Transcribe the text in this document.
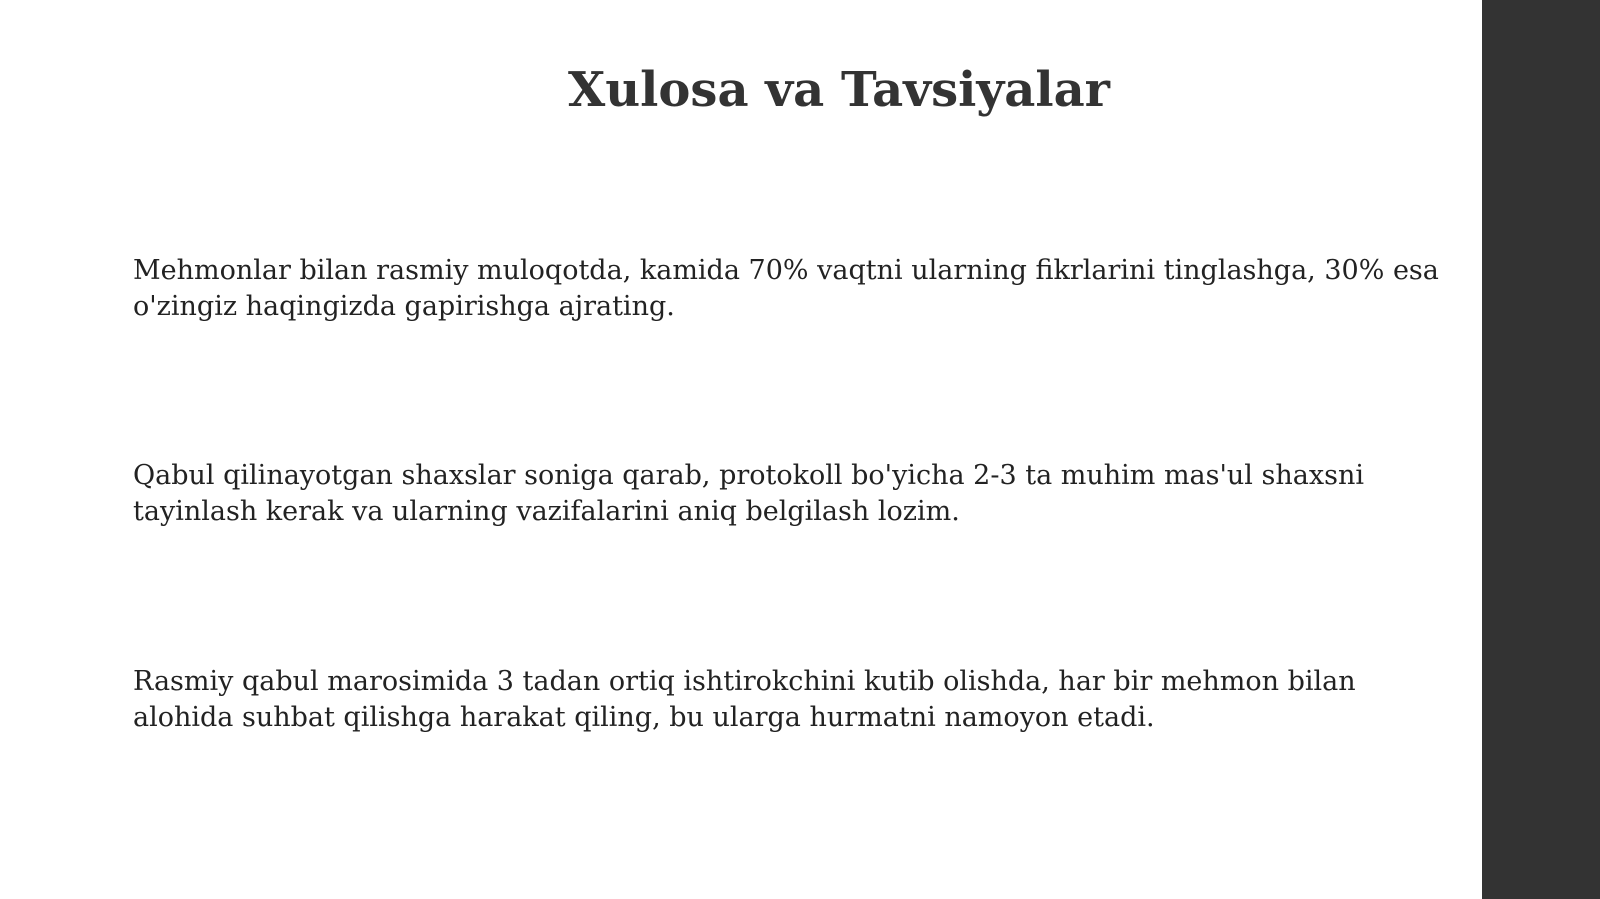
Xulosa va Tavsiyalar

Mehmonlar bilan rasmiy muloqotda, kamida 70% vaqtni ularning fikrlarini tinglashga, 30% esa o'zingiz haqingizda gapirishga ajrating.

Qabul qilinayotgan shaxslar soniga qarab, protokoll bo'yicha 2-3 ta muhim mas'ul shaxsni tayinlash kerak va ularning vazifalarini aniq belgilash lozim.

Rasmiy qabul marosimida 3 tadan ortiq ishtirokchini kutib olishda, har bir mehmon bilan alohida suhbat qilishga harakat qiling, bu ularga hurmatni namoyon etadi.
